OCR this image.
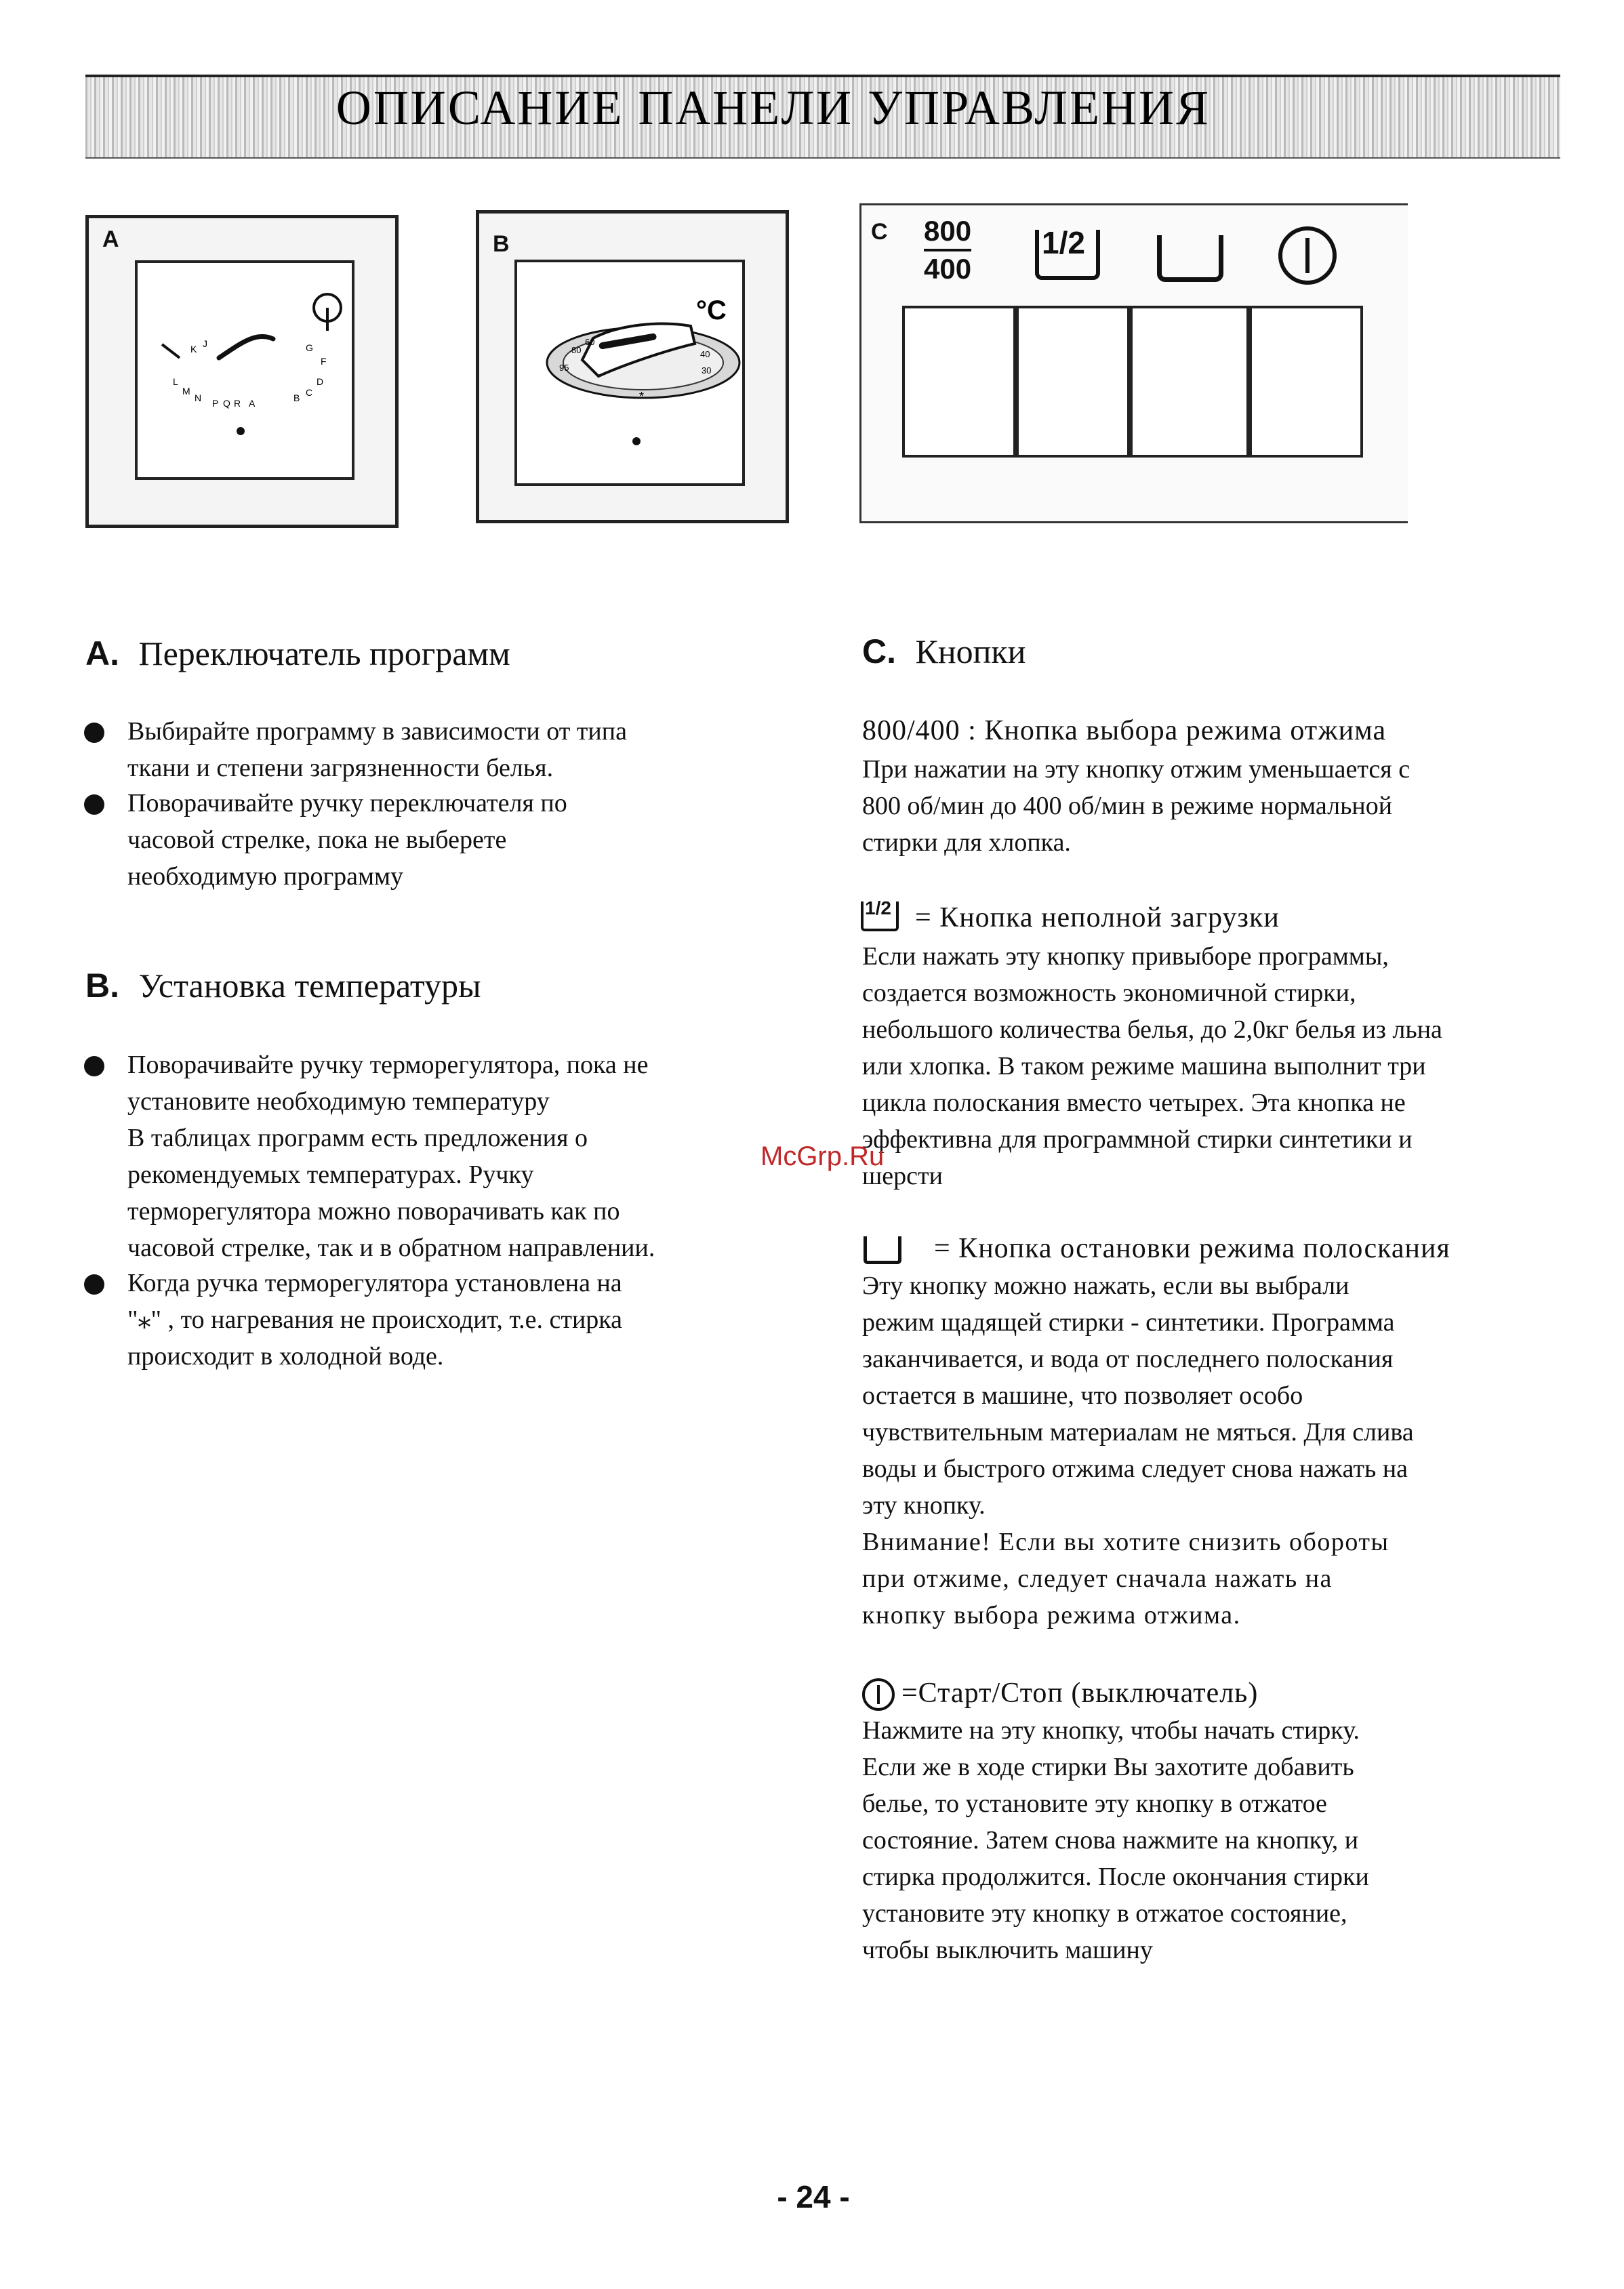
ОПИСАНИЕ ПАНЕЛИ УПРАВЛЕНИЯ
A
K J
L
M
N P Q R A	B C
D
F
G
B
°C
95
80
60
40
30
*
C 800
400
1/2
A. Переключатель программ
Выбирайте программу в зависимости от типа
ткани и степени загрязненности белья.
Поворачивайте ручку переключателя по
часовой стрелке, пока не выберете
необходимую программу
B. Установка температуры
Поворачивайте ручку терморегулятора, пока не
установите необходимую температуру
В таблицах программ есть предложения о
рекомендуемых температурах. Ручку
терморегулятора можно поворачивать как по
часовой стрелке, так и в обратном направлении.
Когда ручка терморегулятора установлена на
"⁎" , то нагревания не происходит, т.е. стирка
происходит в холодной воде.
C. Кнопки
800/400 : Кнопка выбора режима отжима
При нажатии на эту кнопку отжим уменьшается с
800 об/мин до 400 об/мин в режиме нормальной
стирки для хлопка.
1/2 = Кнопка неполной загрузки
Если нажать эту кнопку привыборе программы,
создается возможность экономичной стирки,
небольшого количества белья, до 2,0кг белья из льна
или хлопка. В таком режиме машина выполнит три
цикла полоскания вместо четырех. Эта кнопка не
эффективна для программной стирки синтетики и
шерсти
McGrp.Ru
= Кнопка остановки режима полоскания
Эту кнопку можно нажать, если вы выбрали
режим щадящей стирки - синтетики. Программа
заканчивается, и вода от последнего полоскания
остается в машине, что позволяет особо
чувствительным материалам не мяться. Для слива
воды и быстрого отжима следует снова нажать на
эту кнопку.
Внимание! Если вы хотите снизить обороты
при отжиме, следует сначала нажать на
кнопку выбора режима отжима.
=Старт/Стоп (выключатель)
Нажмите на эту кнопку, чтобы начать стирку.
Если же в ходе стирки Вы захотите добавить
белье, то установите эту кнопку в отжатое
состояние. Затем снова нажмите на кнопку, и
стирка продолжится. После окончания стирки
установите эту кнопку в отжатое состояние,
чтобы выключить машину
- 24 -
